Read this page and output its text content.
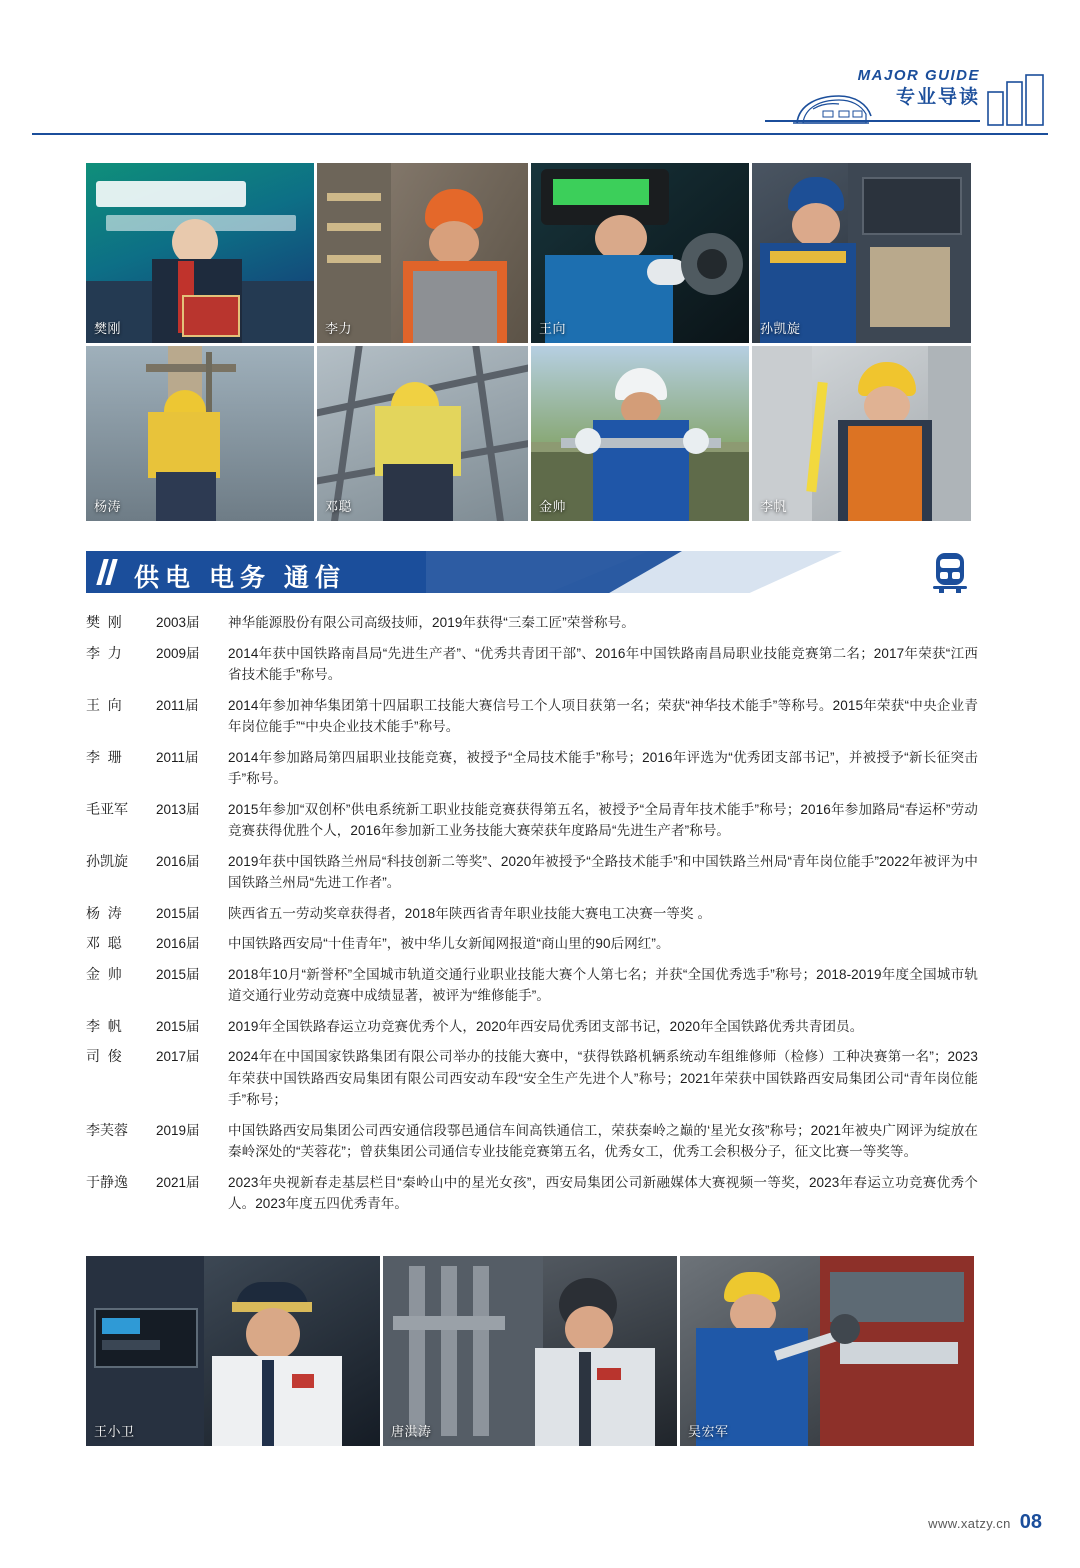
MAJOR GUIDE
专业导读
樊刚	李力	王向	孙凯旋
杨涛	邓聪	金帅	李帆
供电 电务 通信
樊  刚	2003届	神华能源股份有限公司高级技师，2019年获得“三秦工匠”荣誉称号。
李  力	2009届	2014年获中国铁路南昌局“先进生产者”、“优秀共青团干部”、2016年中国铁路南昌局职业技能竞赛第二名；2017年荣获“江西省技术能手”称号。
王  向	2011届	2014年参加神华集团第十四届职工技能大赛信号工个人项目获第一名；荣获“神华技术能手”等称号。2015年荣获“中央企业青年岗位能手”“中央企业技术能手”称号。
李  珊	2011届	2014年参加路局第四届职业技能竞赛，被授予“全局技术能手”称号；2016年评选为“优秀团支部书记”，并被授予“新长征突击手”称号。
毛亚军	2013届	2015年参加“双创杯”供电系统新工职业技能竞赛获得第五名，被授予“全局青年技术能手”称号；2016年参加路局“春运杯”劳动竞赛获得优胜个人，2016年参加新工业务技能大赛荣获年度路局“先进生产者”称号。
孙凯旋	2016届	2019年获中国铁路兰州局“科技创新二等奖”、2020年被授予“全路技术能手”和中国铁路兰州局“青年岗位能手”2022年被评为中国铁路兰州局“先进工作者”。
杨  涛	2015届	陕西省五一劳动奖章获得者，2018年陕西省青年职业技能大赛电工决赛一等奖 。
邓  聪	2016届	中国铁路西安局“十佳青年”，被中华儿女新闻网报道“商山里的90后网红”。
金  帅	2015届	2018年10月“新誉杯”全国城市轨道交通行业职业技能大赛个人第七名；并获“全国优秀选手”称号；2018-2019年度全国城市轨道交通行业劳动竞赛中成绩显著，被评为“维修能手”。
李  帆	2015届	2019年全国铁路春运立功竞赛优秀个人，2020年西安局优秀团支部书记，2020年全国铁路优秀共青团员。
司  俊	2017届	2024年在中国国家铁路集团有限公司举办的技能大赛中，“获得铁路机辆系统动车组维修师（检修）工种决赛第一名”；2023年荣获中国铁路西安局集团有限公司西安动车段“安全生产先进个人”称号；2021年荣获中国铁路西安局集团公司“青年岗位能手”称号；
李芙蓉	2019届	中国铁路西安局集团公司西安通信段鄠邑通信车间高铁通信工，荣获秦岭之巅的‘星光女孩”称号；2021年被央广网评为绽放在秦岭深处的“芙蓉花”；曾获集团公司通信专业技能竞赛第五名，优秀女工，优秀工会积极分子，征文比赛一等奖等。
于静逸	2021届	2023年央视新春走基层栏目“秦岭山中的星光女孩”，西安局集团公司新融媒体大赛视频一等奖，2023年春运立功竞赛优秀个人。2023年度五四优秀青年。
王小卫	唐洪涛	吴宏军
www.xatzy.cn 08
